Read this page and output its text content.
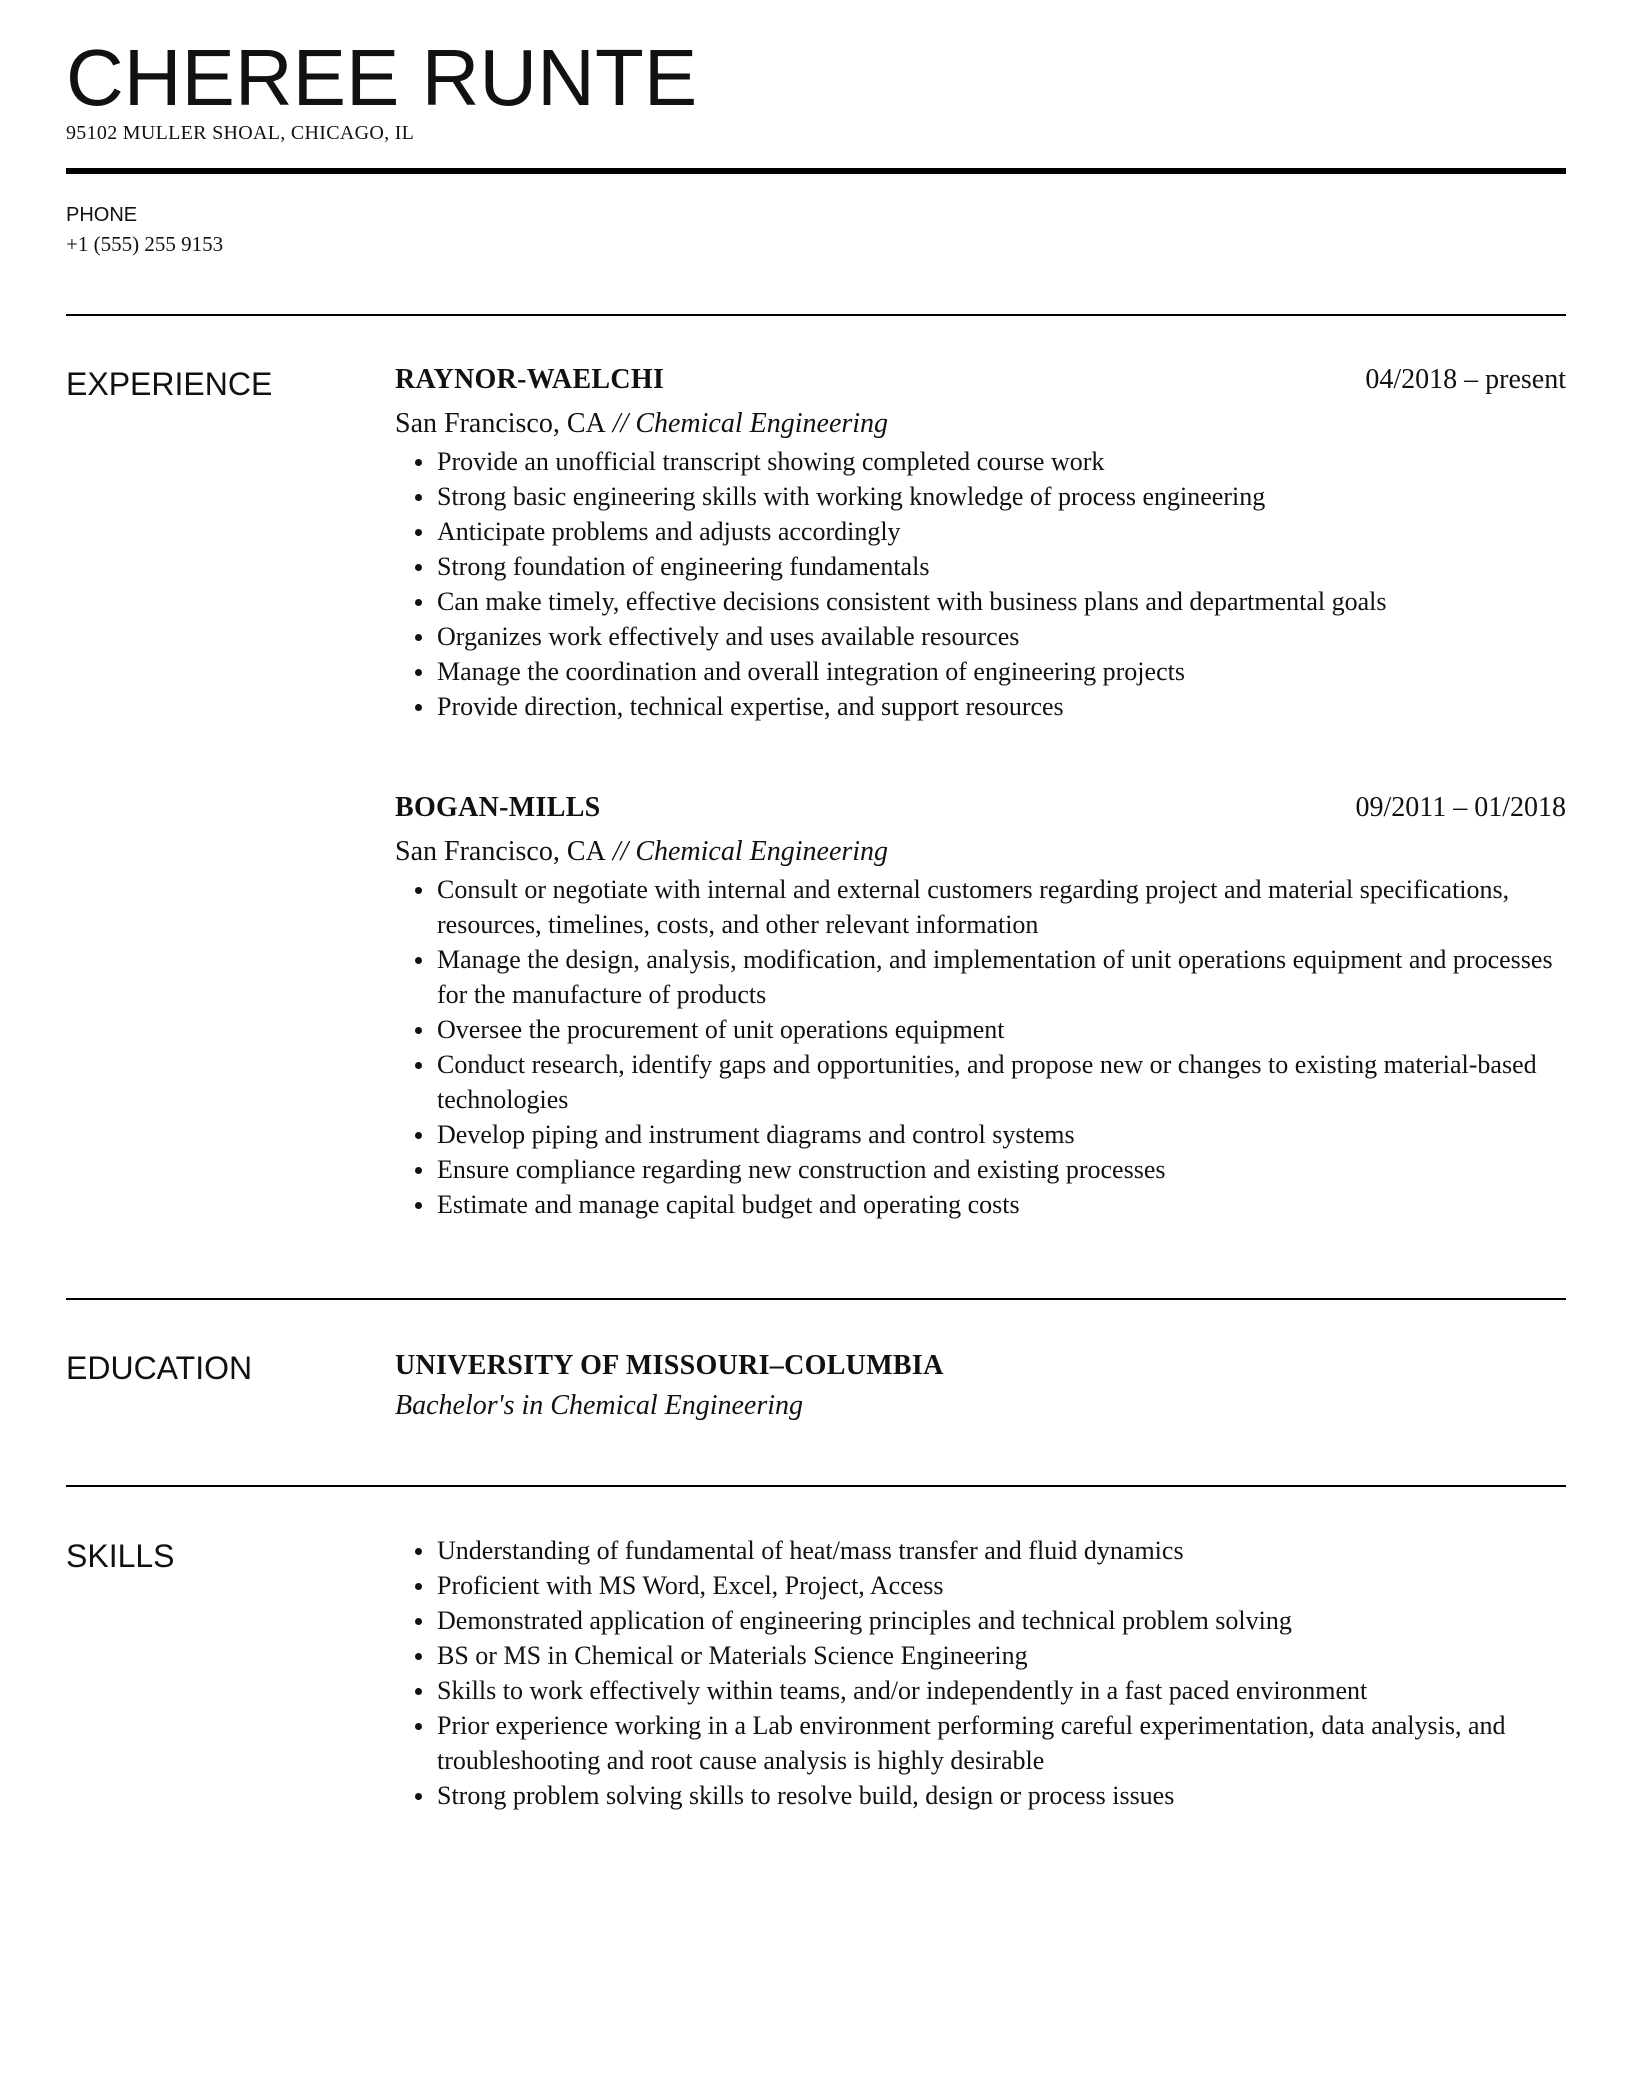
CHEREE RUNTE
95102 MULLER SHOAL, CHICAGO, IL
PHONE
+1 (555) 255 9153
EXPERIENCE	RAYNOR-WAELCHI	04/2018 – present
San Francisco, CA // Chemical Engineering
Provide an unofficial transcript showing completed course work
Strong basic engineering skills with working knowledge of process engineering
Anticipate problems and adjusts accordingly
Strong foundation of engineering fundamentals
Can make timely, effective decisions consistent with business plans and departmental goals
Organizes work effectively and uses available resources
Manage the coordination and overall integration of engineering projects
Provide direction, technical expertise, and support resources
BOGAN-MILLS	09/2011 – 01/2018
San Francisco, CA // Chemical Engineering
Consult or negotiate with internal and external customers regarding project and material specifications, resources, timelines, costs, and other relevant information
Manage the design, analysis, modification, and implementation of unit operations equipment and processes for the manufacture of products
Oversee the procurement of unit operations equipment
Conduct research, identify gaps and opportunities, and propose new or changes to existing material-based technologies
Develop piping and instrument diagrams and control systems
Ensure compliance regarding new construction and existing processes
Estimate and manage capital budget and operating costs
EDUCATION	UNIVERSITY OF MISSOURI–COLUMBIA
Bachelor's in Chemical Engineering
SKILLS	Understanding of fundamental of heat/mass transfer and fluid dynamics
Proficient with MS Word, Excel, Project, Access
Demonstrated application of engineering principles and technical problem solving
BS or MS in Chemical or Materials Science Engineering
Skills to work effectively within teams, and/or independently in a fast paced environment
Prior experience working in a Lab environment performing careful experimentation, data analysis, and troubleshooting and root cause analysis is highly desirable
Strong problem solving skills to resolve build, design or process issues
